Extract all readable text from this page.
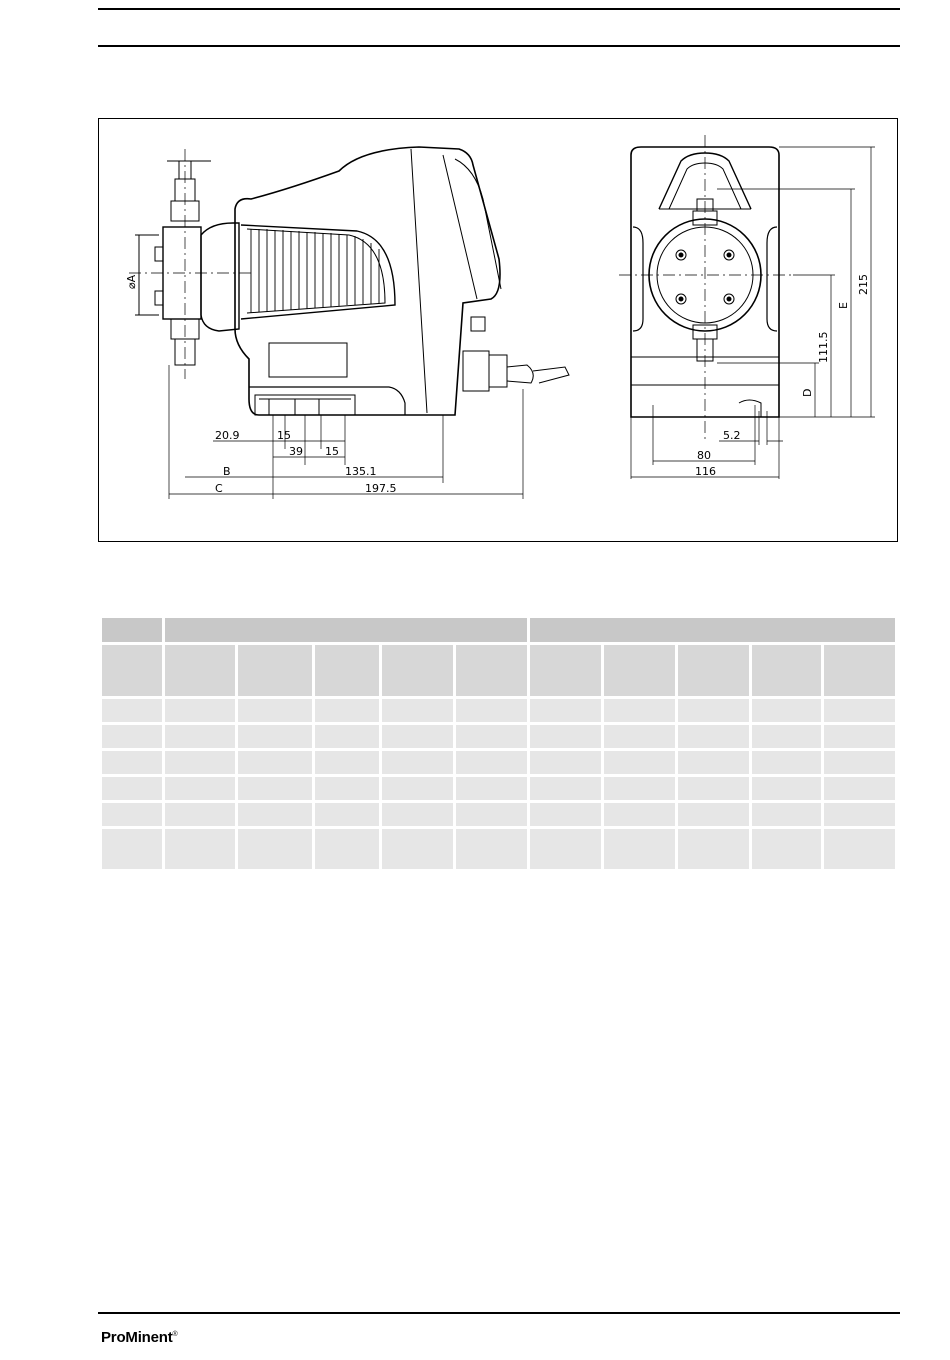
20.9	15
39 15
135.1
B
C	197.5
⌀A
5.2
80
116
215
E
111.5
D

ProMinent®
